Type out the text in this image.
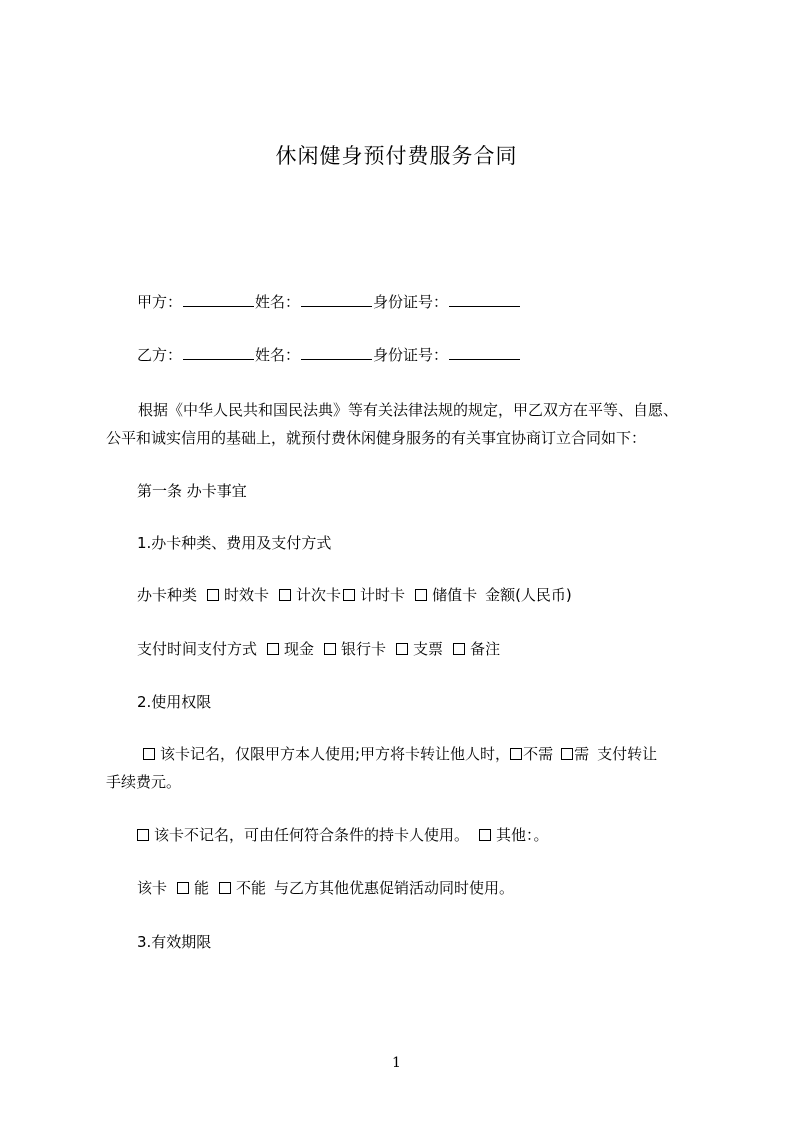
休闲健身预付费服务合同
甲方：	姓名：	身份证号：
乙方：	姓名：	身份证号：
根据《中华人民共和国民法典》等有关法律法规的规定，甲乙双方在平等、自愿、
公平和诚实信用的基础上，就预付费休闲健身服务的有关事宜协商订立合同如下：
第一条 办卡事宜
1.办卡种类、费用及支付方式
办卡种类 时效卡 计次卡 计时卡 储值卡 金额(人民币)
支付时间支付方式 现金 银行卡 支票 备注
2.使用权限
该卡记名，仅限甲方本人使用;甲方将卡转让他人时， 不需 需 支付转让
手续费元。
该卡不记名，可由任何符合条件的持卡人使用。 其他：。
该卡 能 不能 与乙方其他优惠促销活动同时使用。
3.有效期限
1
